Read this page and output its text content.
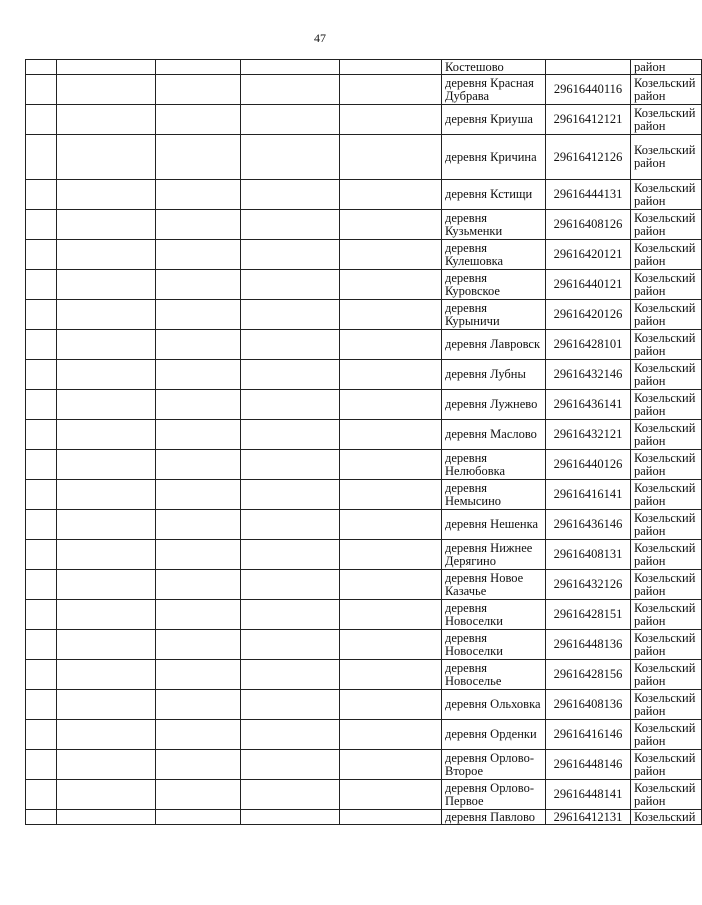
47
					Костешово		район
					деревня Красная Дубрава	29616440116	Козельский район
					деревня Криуша	29616412121	Козельский район
					деревня Кричина	29616412126	Козельский район
					деревня Кстищи	29616444131	Козельский район
					деревня Кузьменки	29616408126	Козельский район
					деревня Кулешовка	29616420121	Козельский район
					деревня Куровское	29616440121	Козельский район
					деревня Курыничи	29616420126	Козельский район
					деревня Лавровск	29616428101	Козельский район
					деревня Лубны	29616432146	Козельский район
					деревня Лужнево	29616436141	Козельский район
					деревня Маслово	29616432121	Козельский район
					деревня Нелюбовка	29616440126	Козельский район
					деревня Немысино	29616416141	Козельский район
					деревня Нешенка	29616436146	Козельский район
					деревня Нижнее Дерягино	29616408131	Козельский район
					деревня Новое Казачье	29616432126	Козельский район
					деревня Новоселки	29616428151	Козельский район
					деревня Новоселки	29616448136	Козельский район
					деревня Новоселье	29616428156	Козельский район
					деревня Ольховка	29616408136	Козельский район
					деревня Орденки	29616416146	Козельский район
					деревня Орлово-Второе	29616448146	Козельский район
					деревня Орлово-Первое	29616448141	Козельский район
					деревня Павлово	29616412131	Козельский
